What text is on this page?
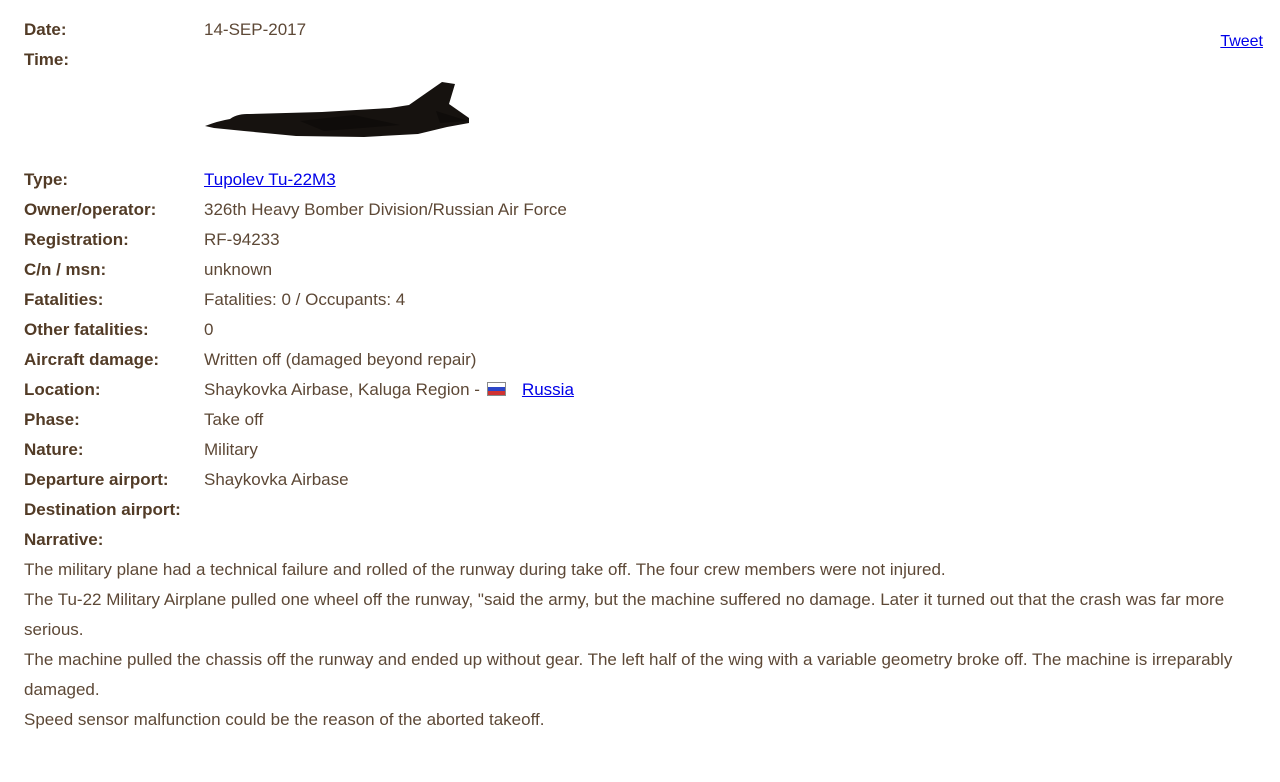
Tweet
Date:	14-SEP-2017
Time:
Type:	Tupolev Tu-22M3
Owner/operator:	326th Heavy Bomber Division/Russian Air Force
Registration:	RF-94233
C/n / msn:	unknown
Fatalities:	Fatalities: 0 / Occupants: 4
Other fatalities:	0
Aircraft damage:	Written off (damaged beyond repair)
Location:	Shaykovka Airbase, Kaluga Region - Russia
Phase:	Take off
Nature:	Military
Departure airport:	Shaykovka Airbase
Destination airport:
Narrative:
The military plane had a technical failure and rolled of the runway during take off. The four crew members were not injured.
The Tu-22 Military Airplane pulled one wheel off the runway, "said the army, but the machine suffered no damage. Later it turned out that the crash was far more serious.
The machine pulled the chassis off the runway and ended up without gear. The left half of the wing with a variable geometry broke off. The machine is irreparably damaged.
Speed sensor malfunction could be the reason of the aborted takeoff.
